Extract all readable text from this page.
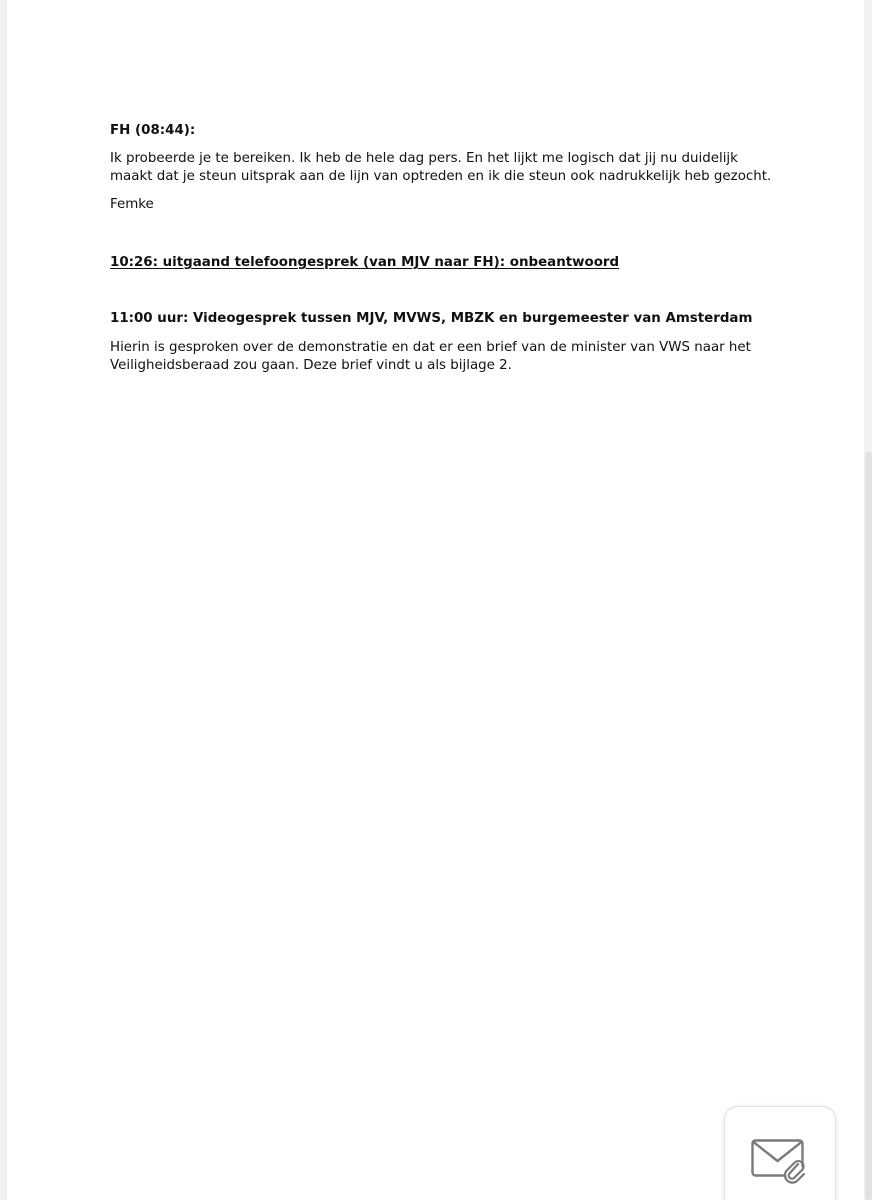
FH (08:44):

Ik probeerde je te bereiken. Ik heb de hele dag pers. En het lijkt me logisch dat jij nu duidelijk

maakt dat je steun uitsprak aan de lijn van optreden en ik die steun ook nadrukkelijk heb gezocht.

Femke

10:26: uitgaand telefoongesprek (van MJV naar FH): onbeantwoord

11:00 uur: Videogesprek tussen MJV, MVWS, MBZK en burgemeester van Amsterdam

Hierin is gesproken over de demonstratie en dat er een brief van de minister van VWS naar het

Veiligheidsberaad zou gaan. Deze brief vindt u als bijlage 2.
